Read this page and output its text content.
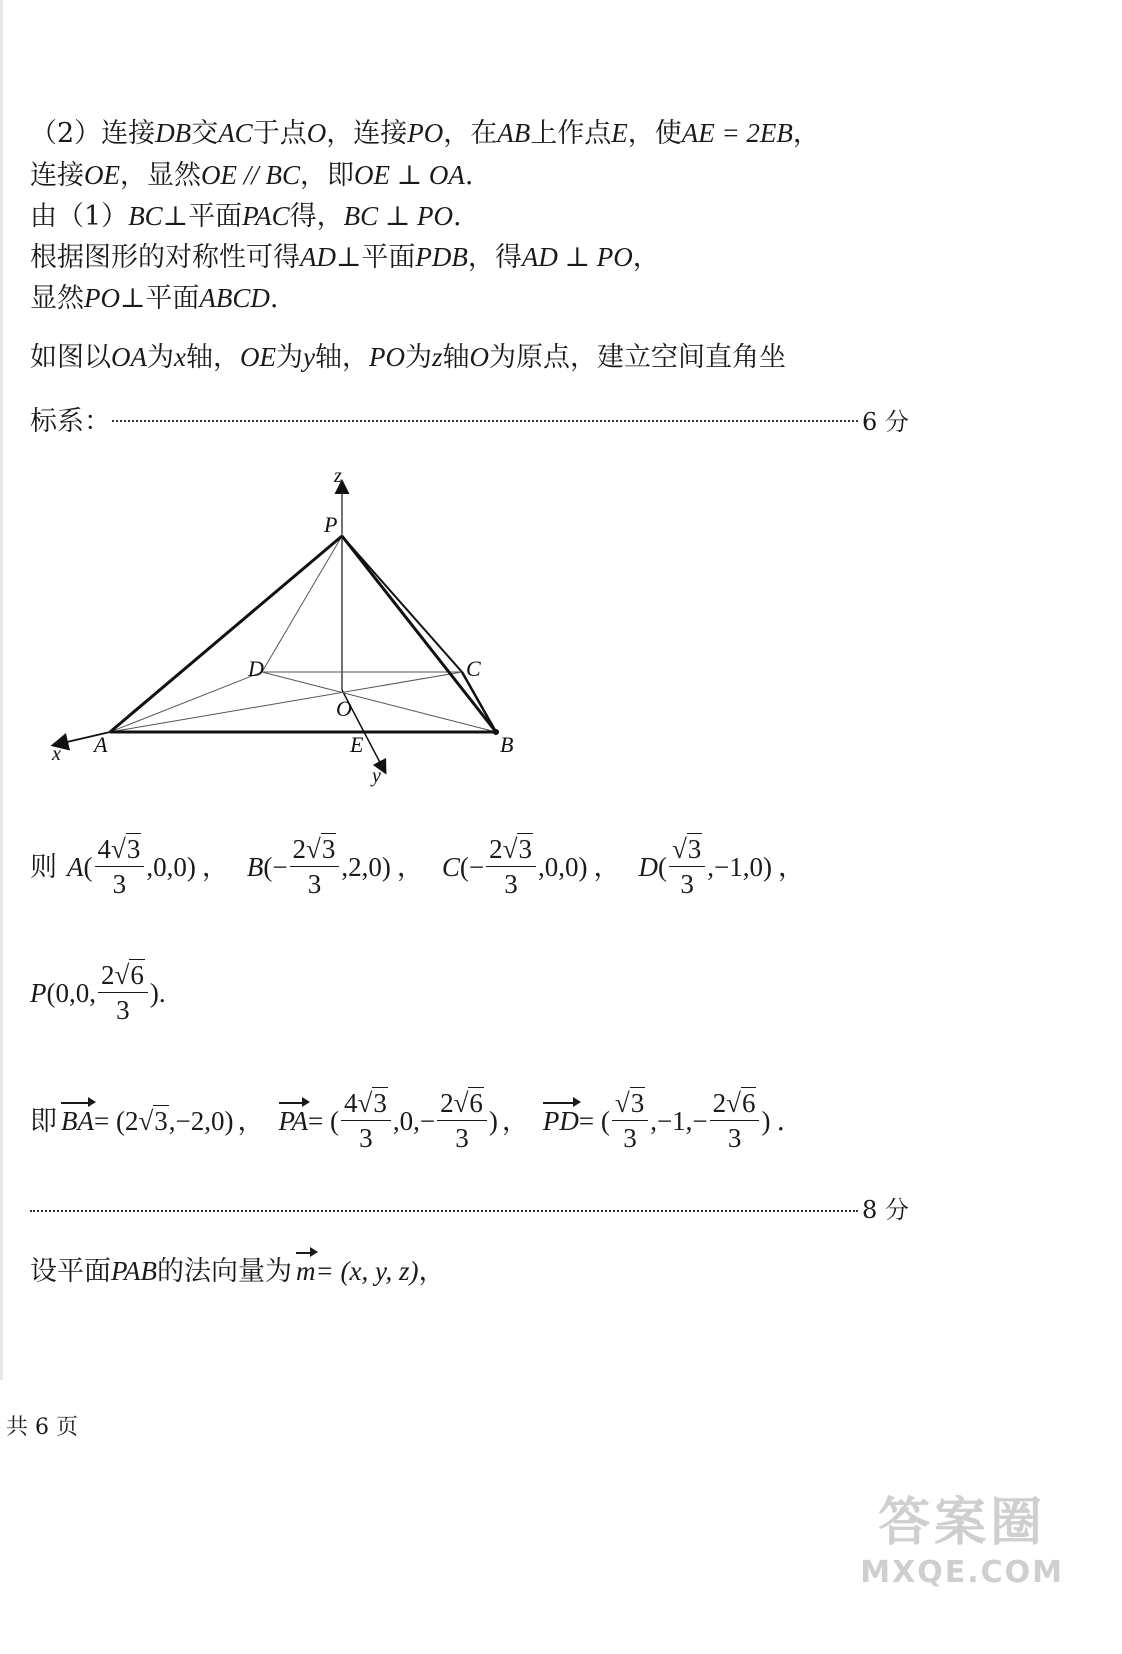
（2）连接DB交AC于点O，连接PO，在AB上作点E，使AE = 2EB，
连接OE，显然OE // BC，即OE ⊥ OA.
由（1）BC⊥平面PAC得，BC ⊥ PO.
根据图形的对称性可得AD⊥平面PDB，得AD ⊥ PO，
显然PO⊥平面ABCD.
如图以OA为x轴，OE为y轴，PO为z轴O为原点，建立空间直角坐
标系：	6 分
z
P
D	C
O
A	B
E
x
y
则 A ( $\frac{4√3}{3} ,0,0$) ， B (− $\frac{2√3}{3} ,2,0$) ， C (− $\frac{2√3}{3} ,0,0$) ， D ( $\frac{√3}{3} ,-1,0$) ，
P (0,0, $\frac{2√6}{3}$ ).
即 BA = (2 √3 ,−2,0) ， PA = ( $\frac{4√3}{3} ,0,- \frac{2√6}{3}$ ) ， PD = ( $\frac{√3}{3} ,-1,- \frac{2√6}{3}$ ) .
8 分
设平面PAB的法向量为 m= (x, y, z)，
共 6 页
答案圈
MXQE.COM
